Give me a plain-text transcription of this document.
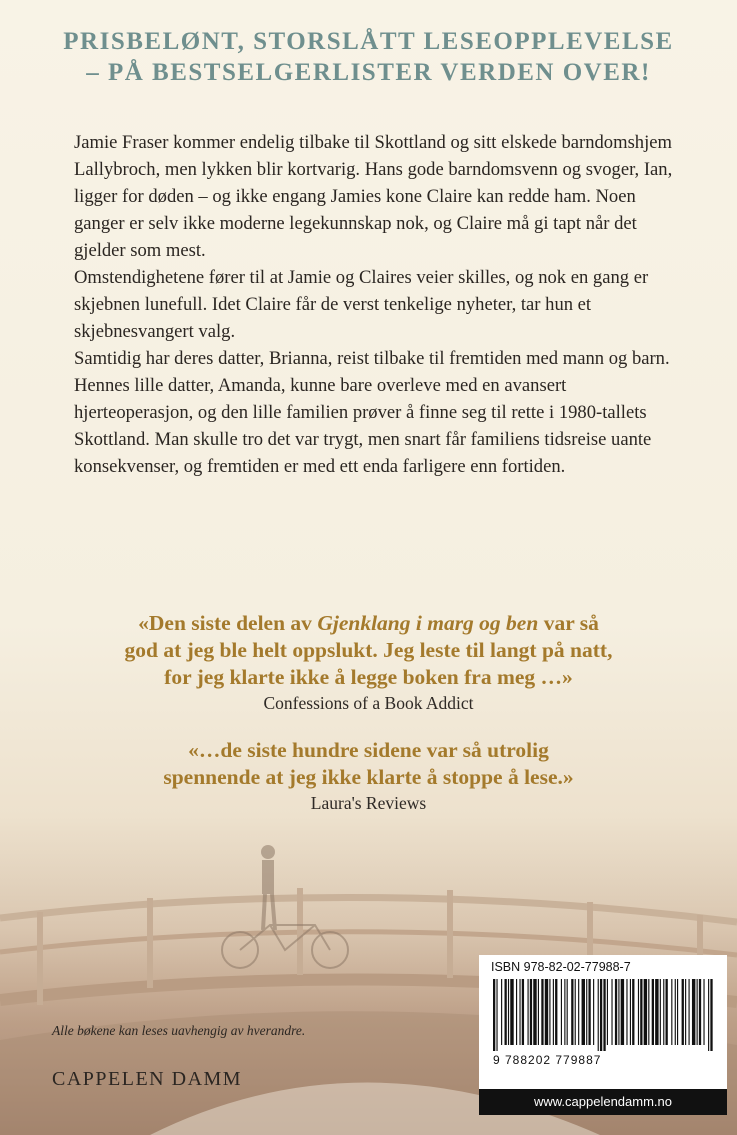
PRISBELØNT, STORSLÅTT LESEOPPLEVELSE
– PÅ BESTSELGERLISTER VERDEN OVER!

Jamie Fraser kommer endelig tilbake til Skottland og sitt elskede barndomshjem Lallybroch, men lykken blir kortvarig. Hans gode barndomsvenn og svoger, Ian, ligger for døden – og ikke engang Jamies kone Claire kan redde ham. Noen ganger er selv ikke moderne legekunnskap nok, og Claire må gi tapt når det gjelder som mest.

Omstendighetene fører til at Jamie og Claires veier skilles, og nok en gang er skjebnen lunefull. Idet Claire får de verst tenkelige nyheter, tar hun et skjebnesvangert valg.

Samtidig har deres datter, Brianna, reist tilbake til fremtiden med mann og barn. Hennes lille datter, Amanda, kunne bare overleve med en avansert hjerteoperasjon, og den lille familien prøver å finne seg til rette i 1980-tallets Skottland. Man skulle tro det var trygt, men snart får familiens tidsreise uante konsekvenser, og fremtiden er med ett enda farligere enn fortiden.

«Den siste delen av Gjenklang i marg og ben var så
god at jeg ble helt oppslukt. Jeg leste til langt på natt,
for jeg klarte ikke å legge boken fra meg …»
Confessions of a Book Addict
«…de siste hundre sidene var så utrolig
spennende at jeg ikke klarte å stoppe å lese.»
Laura's Reviews
Alle bøkene kan leses uavhengig av hverandre.
CAPPELEN DAMM
ISBN 978-82-02-77988-7
9 788202 779887
www.cappelendamm.no
